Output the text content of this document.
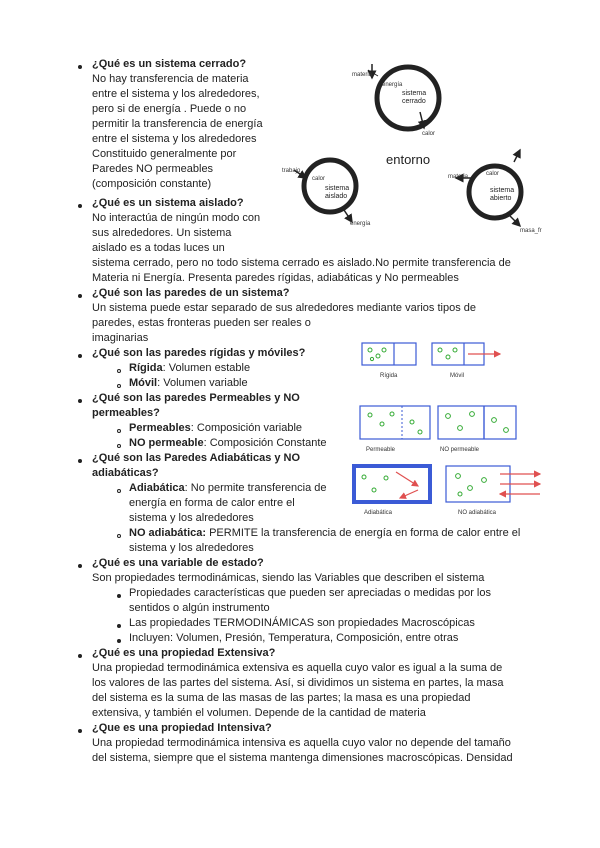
¿Qué es un sistema cerrado?
No hay transferencia de materia
entre el sistema y los alrededores,
pero si de energía . Puede o no
permitir la transferencia de energía
entre el sistema y los alrededores
Constituido generalmente por
Paredes NO permeables
(composición constante)
materia
energía
sistema
cerrado
calor
entorno
trabajo
calor
sistema
aislado
energía
materia	calor
sistema
abierto
masa_fr
¿Qué es un sistema aislado?
No interactúa de ningún modo con
sus alrededores. Un sistema
aislado es a todas luces un
sistema cerrado, pero no todo sistema cerrado es aislado.No permite transferencia de
Materia ni Energía. Presenta paredes rígidas, adiabáticas y No permeables
¿Qué son las paredes de un sistema?
Un sistema puede estar separado de sus alrededores mediante varios tipos de
paredes, estas fronteras pueden ser reales o
imaginarias
¿Qué son las paredes rígidas y móviles?
Rígida: Volumen estable
Móvil: Volumen variable
Rígida	Móvil
¿Qué son las paredes Permeables y NO
permeables?
Permeables: Composición variable
NO permeable: Composición Constante
Permeable	NO permeable
¿Qué son las Paredes Adiabáticas y NO
adiabáticas?
Adiabática: No permite transferencia de
energía en forma de calor entre el
sistema y los alrededores
NO adiabática: PERMITE la transferencia de energía en forma de calor entre el
sistema y los alrededores
Adiabática	NO adiabática
¿Qué es una variable de estado?
Son propiedades termodinámicas, siendo las Variables que describen el sistema
Propiedades características que pueden ser apreciadas o medidas por los
sentidos o algún instrumento
Las propiedades TERMODINÁMICAS son propiedades Macroscópicas
Incluyen: Volumen, Presión, Temperatura, Composición, entre otras
¿Qué es una propiedad Extensiva?
Una propiedad termodinámica extensiva es aquella cuyo valor es igual a la suma de
los valores de las partes del sistema. Así, si dividimos un sistema en partes, la masa
del sistema es la suma de las masas de las partes; la masa es una propiedad
extensiva, y también el volumen. Depende de la cantidad de materia
¿Que es una propiedad Intensiva?
Una propiedad termodinámica intensiva es aquella cuyo valor no depende del tamaño
del sistema, siempre que el sistema mantenga dimensiones macroscópicas. Densidad
